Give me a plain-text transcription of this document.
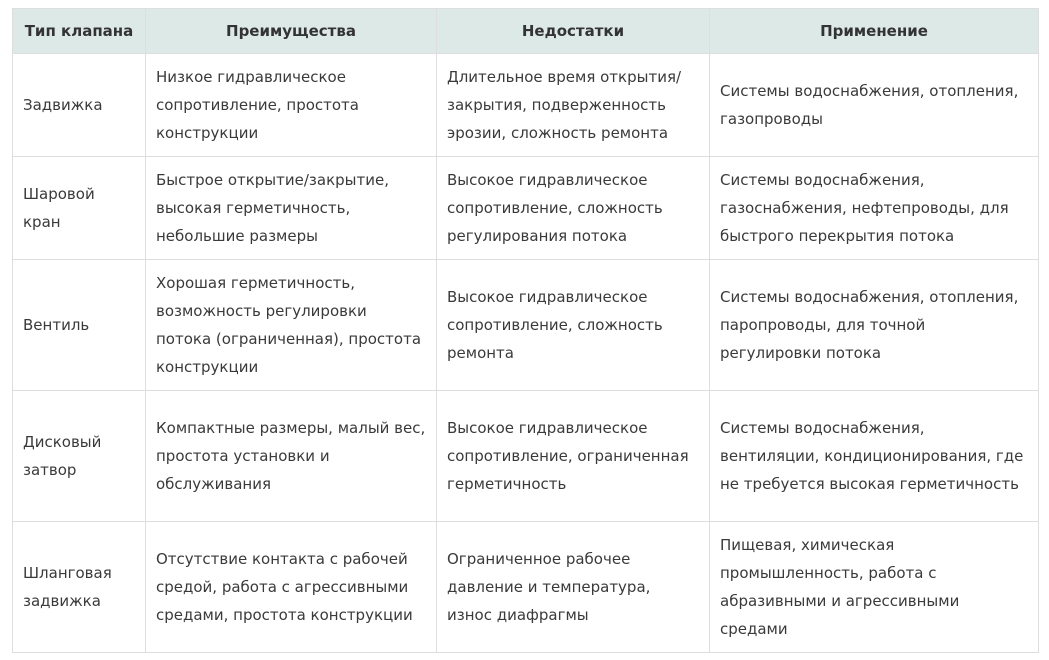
Тип клапана	Преимущества	Недостатки	Применение
Задвижка	Низкое гидравлическое сопротивление, простота конструкции	Длительное время открытия/закрытия, подверженность эрозии, сложность ремонта	Системы водоснабжения, отопления, газопроводы
Шаровой кран	Быстрое открытие/закрытие, высокая герметичность, небольшие размеры	Высокое гидравлическое сопротивление, сложность регулирования потока	Системы водоснабжения, газоснабжения, нефтепроводы, для быстрого перекрытия потока
Вентиль	Хорошая герметичность, возможность регулировки потока (ограниченная), простота конструкции	Высокое гидравлическое сопротивление, сложность ремонта	Системы водоснабжения, отопления, паропроводы, для точной регулировки потока
Дисковый затвор	Компактные размеры, малый вес, простота установки и обслуживания	Высокое гидравлическое сопротивление, ограниченная герметичность	Системы водоснабжения, вентиляции, кондиционирования, где не требуется высокая герметичность
Шланговая задвижка	Отсутствие контакта с рабочей средой, работа с агрессивными средами, простота конструкции	Ограниченное рабочее давление и температура, износ диафрагмы	Пищевая, химическая промышленность, работа с абразивными и агрессивными средами
